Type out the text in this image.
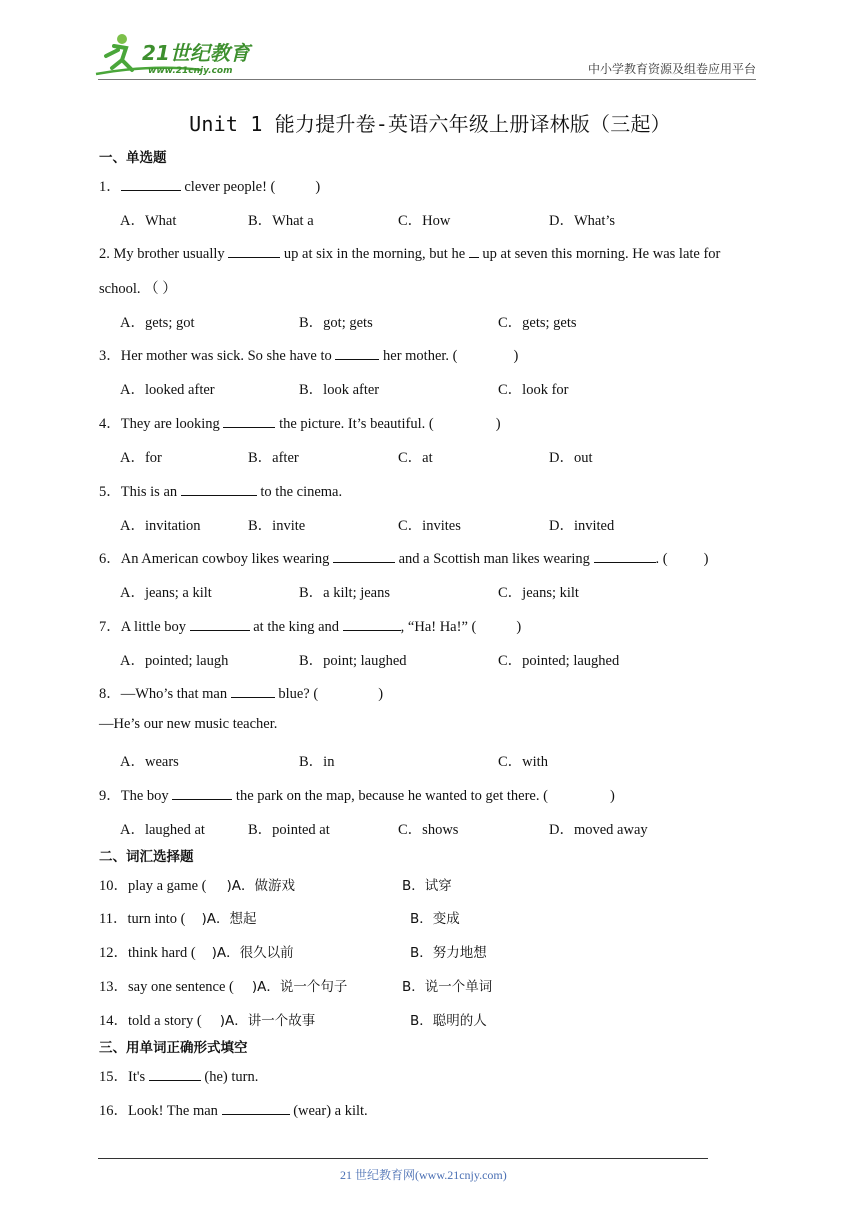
21世纪教育
www.21cnjy.com	中小学教育资源及组卷应用平台
Unit 1 能力提升卷-英语六年级上册译林版（三起）
一、单选题
1．	clever people! (	)
A．What	B．What a	C．How	D．What’s
2. My brother usually	up at six in the morning, but he up at seven this morning. He was late for
school. （ ）
A．gets; got	B．got; gets	C．gets; gets
3．Her mother was sick. So she have to	her mother. (	)
A．looked after	B．look after	C．look for
4．They are looking	the picture. It’s beautiful. (	)
A．for	B．after	C．at	D．out
5．This is an	to the cinema.
A．invitation	B．invite	C．invites	D．invited
6．An American cowboy likes wearing	and a Scottish man likes wearing	. ( )
A．jeans; a kilt	B．a kilt; jeans	C．jeans; kilt
7．A little boy	at the king and	, “Ha! Ha!” (	)
A．pointed; laugh	B．point; laughed	C．pointed; laughed
8．—Who’s that man	blue? (	)
—He’s our new music teacher.
A．wears	B．in	C．with
9．The boy	the park on the map, because he wanted to get there. (	)
A．laughed at	B．pointed at	C．shows	D．moved away
二、词汇选择题
10．play a game ( )A．做游戏	B．试穿
11．turn into ( )A．想起	B．变成
12．think hard ( )A．很久以前	B．努力地想
13．say one sentence ( )A．说一个句子	B．说一个单词
14．told a story ( )A．讲一个故事	B．聪明的人
三、用单词正确形式填空
15．It's	(he) turn.
16．Look! The man	(wear) a kilt.
21 世纪教育网(www.21cnjy.com)
